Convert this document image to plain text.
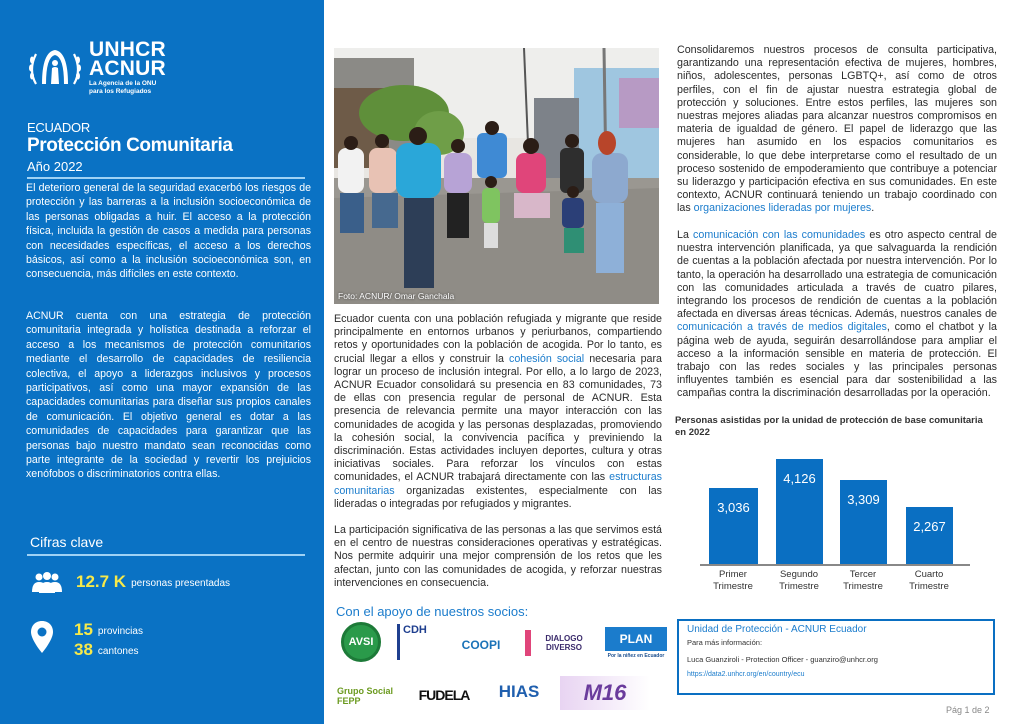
UNHCR
ACNUR
La Agencia de la ONU
para los Refugiados
ECUADOR
Protección Comunitaria
Año 2022

El deterioro general de la seguridad exacerbó los riesgos de protección y las barreras a la inclusión socioeconómica de las personas obligadas a huir. El acceso a la protección física, incluida la gestión de casos a medida para personas con necesidades específicas, el acceso a los derechos básicos, así como a la inclusión socioeconómica son, en consecuencia, más difíciles en este contexto.

ACNUR cuenta con una estrategia de protección comunitaria integrada y holística destinada a reforzar el acceso a los mecanismos de protección comunitarios mediante el desarrollo de capacidades de resiliencia colectiva, el apoyo a liderazgos inclusivos y procesos participativos, así como una mayor expansión de las capacidades comunitarias para diseñar sus propios canales de comunicación. El objetivo general es dotar a las comunidades de capacidades para garantizar que las personas bajo nuestro mandato sean reconocidas como parte integrante de la sociedad y revertir los prejuicios xenófobos o discriminatorios contra ellas.

Cifras clave
12.7 K personas presentadas
15 provincias
38 cantones
Foto: ACNUR/ Omar Ganchala

Ecuador cuenta con una población refugiada y migrante que reside principalmente en entornos urbanos y periurbanos, compartiendo retos y oportunidades con la población de acogida. Por lo tanto, es crucial llegar a ellos y construir la cohesión social necesaria para lograr un proceso de inclusión integral. Por ello, a lo largo de 2023, ACNUR Ecuador consolidará su presencia en 83 comunidades, 73 de ellas con presencia regular de personal de ACNUR. Esta presencia de relevancia permite una mayor interacción con las comunidades de acogida y las personas desplazadas, promoviendo la cohesión social, la convivencia pacífica y previniendo la discriminación. Estas actividades incluyen deportes, cultura y otras iniciativas sociales. Para reforzar los vínculos con estas comunidades, el ACNUR trabajará directamente con las estructuras comunitarias organizadas existentes, especialmente con las lideradas o integradas por refugiados y migrantes.

La participación significativa de las personas a las que servimos está en el centro de nuestras consideraciones operativas y estratégicas. Nos permite adquirir una mejor comprensión de los retos que les afectan, junto con las comunidades de acogida, y reforzar nuestras intervenciones en consecuencia.

Con el apoyo de nuestros socios:
AVSI
CDH
COOPI	DIALOGO DIVERSO
PLAN
Por la niñez en Ecuador
Grupo Social FEPP	FUDELA	HIAS	M16

Consolidaremos nuestros procesos de consulta participativa, garantizando una representación efectiva de mujeres, hombres, niños, adolescentes, personas LGBTQ+, así como de otros perfiles, con el fin de ajustar nuestra estrategia global de protección y soluciones. Entre estos perfiles, las mujeres son nuestras mejores aliadas para alcanzar nuestros compromisos en materia de igualdad de género. El papel de liderazgo que las mujeres han asumido en los espacios comunitarios es considerable, lo que debe interpretarse como el resultado de un proceso sostenido de empoderamiento que contribuye a potenciar su liderazgo y participación efectiva en sus comunidades. En este contexto, ACNUR continuará teniendo un trabajo coordinado con las organizaciones lideradas por mujeres.

La comunicación con las comunidades es otro aspecto central de nuestra intervención planificada, ya que salvaguarda la rendición de cuentas a la población afectada por nuestra intervención. Por lo tanto, la operación ha desarrollado una estrategia de comunicación con las comunidades articulada a través de cuatro pilares, integrando los procesos de rendición de cuentas a la población afectada en diversas áreas técnicas. Además, nuestros canales de comunicación a través de medios digitales, como el chatbot y la página web de ayuda, seguirán desarrollándose para ampliar el acceso a la información sensible en materia de protección. El trabajo con las redes sociales y las principales personas influyentes también es esencial para dar sostenibilidad a las campañas contra la discriminación desarrolladas por la operación.

Personas asistidas por la unidad de protección de base comunitaria en 2022
3,036
4,126
3,309
2,267
Primer
Trimestre
Segundo
Trimestre
Tercer
Trimestre
Cuarto
Trimestre
Unidad de Protección - ACNUR Ecuador
Para más información:
Luca Guanziroli - Protection Officer - guanziro@unhcr.org
https://data2.unhcr.org/en/country/ecu
Pág 1 de 2
